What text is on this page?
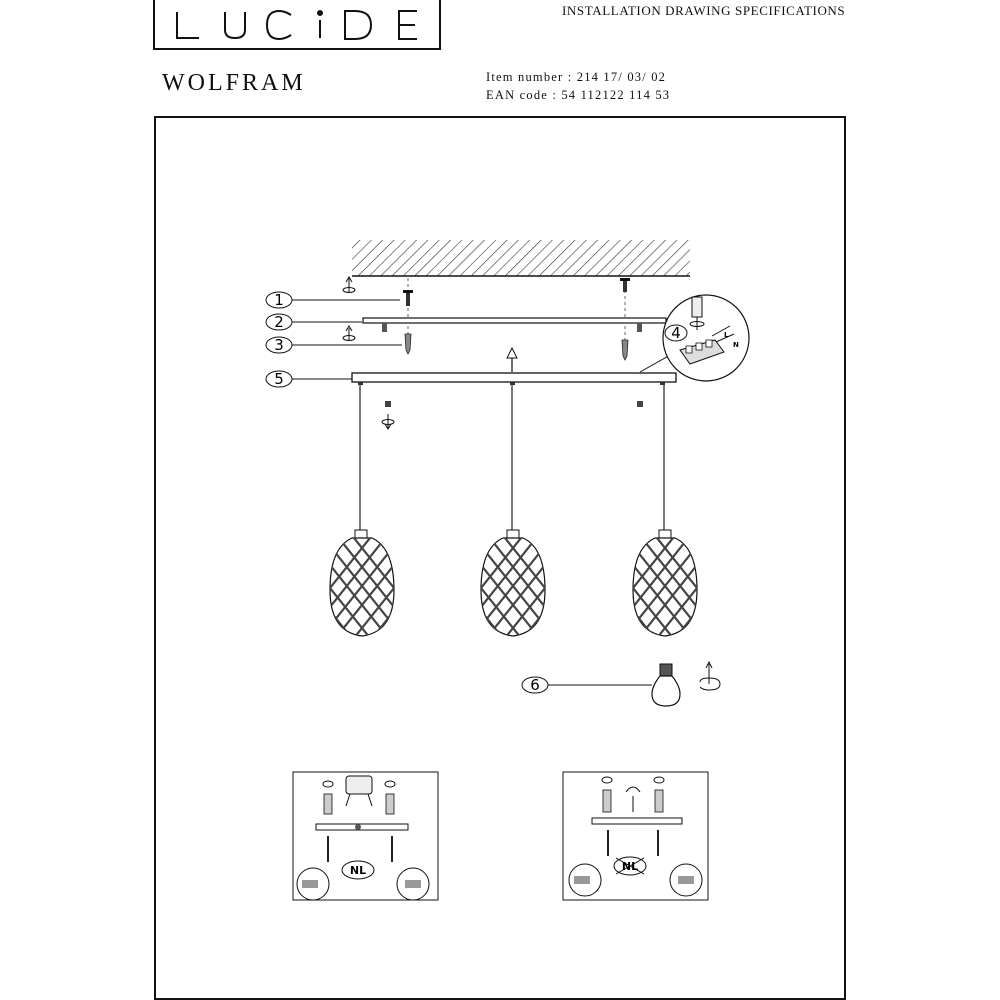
INSTALLATION DRAWING SPECIFICATIONS
WOLFRAM	Item number : 214 17/ 03/ 02
EAN code : 54 112122 114 53
L
N
1
2
3
4
5
6
NL	NL
